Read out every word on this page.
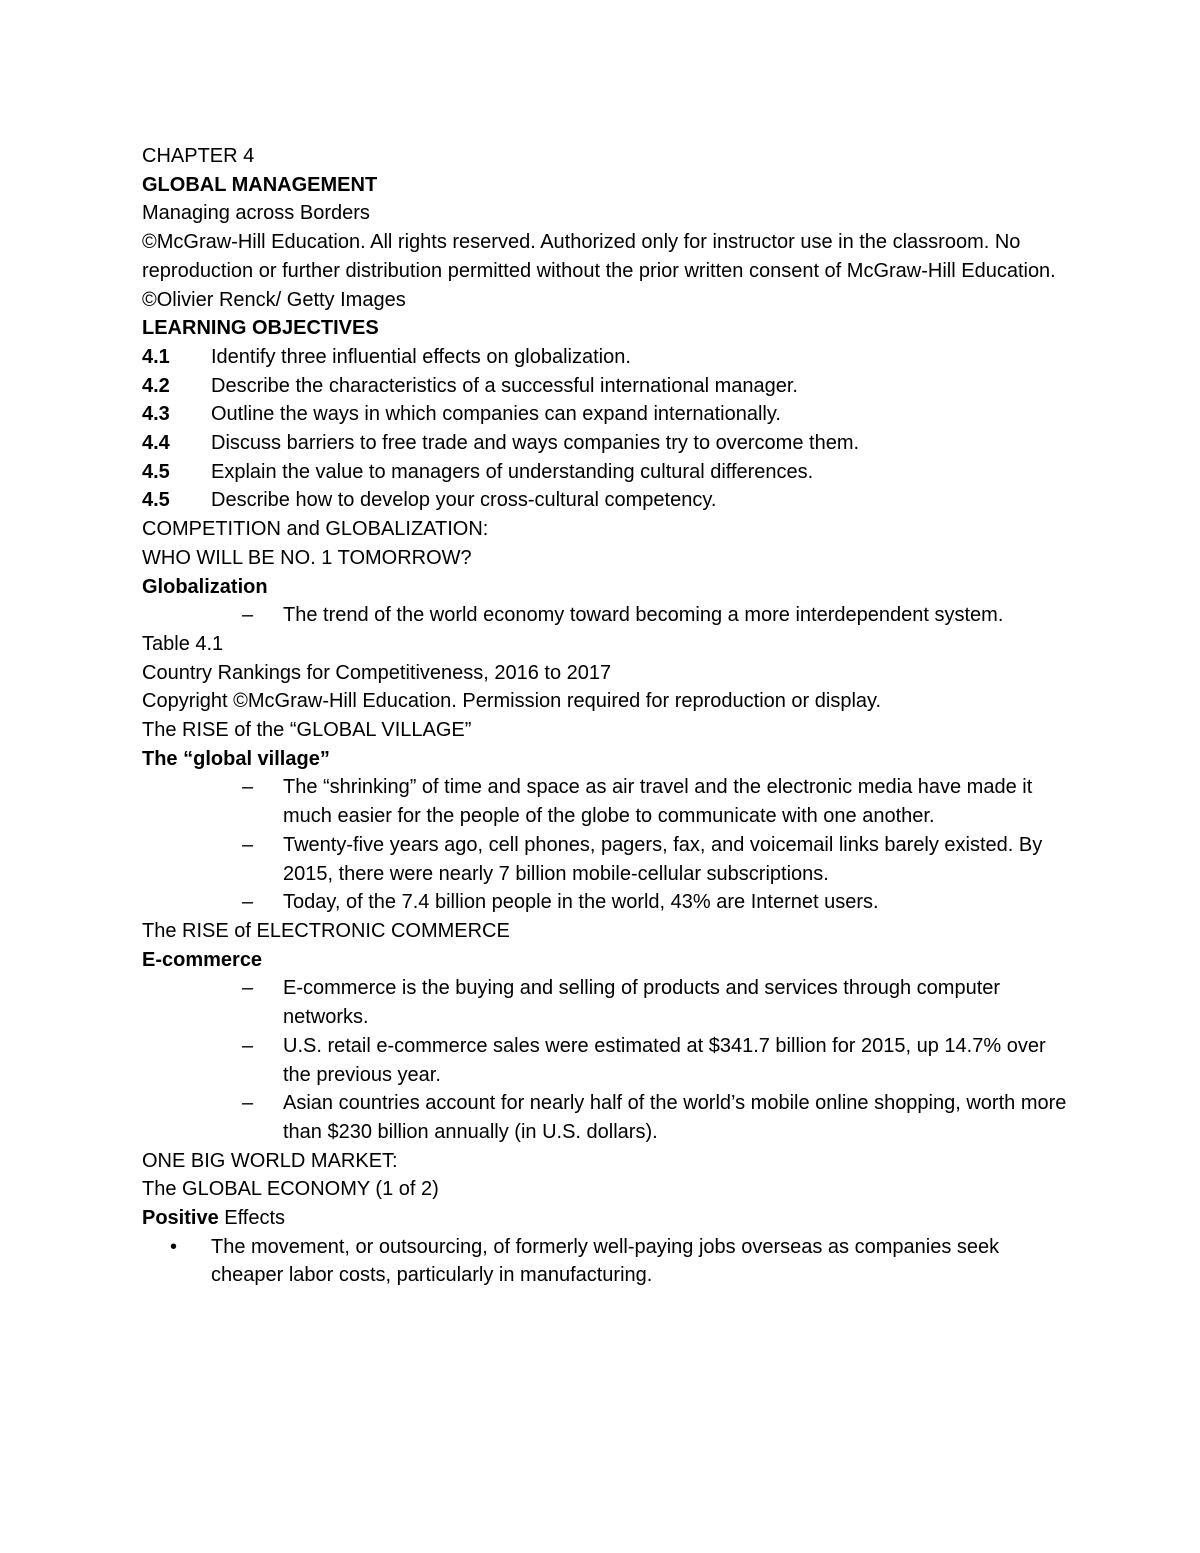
CHAPTER 4
GLOBAL MANAGEMENT
Managing across Borders
©McGraw-Hill Education. All rights reserved. Authorized only for instructor use in the classroom. No reproduction or further distribution permitted without the prior written consent of McGraw-Hill Education.
©Olivier Renck/ Getty Images
LEARNING OBJECTIVES
4.1	Identify three influential effects on globalization.
4.2	Describe the characteristics of a successful international manager.
4.3	Outline the ways in which companies can expand internationally.
4.4	Discuss barriers to free trade and ways companies try to overcome them.
4.5	Explain the value to managers of understanding cultural differences.
4.5	Describe how to develop your cross-cultural competency.
COMPETITION and GLOBALIZATION:
WHO WILL BE NO. 1 TOMORROW?
Globalization
–	The trend of the world economy toward becoming a more interdependent system.
Table 4.1
Country Rankings for Competitiveness, 2016 to 2017
Copyright ©McGraw-Hill Education. Permission required for reproduction or display.
The RISE of the “GLOBAL VILLAGE”
The “global village”
–	The “shrinking” of time and space as air travel and the electronic media have made it much easier for the people of the globe to communicate with one another.
–	Twenty-five years ago, cell phones, pagers, fax, and voicemail links barely existed. By 2015, there were nearly 7 billion mobile-cellular subscriptions.
–	Today, of the 7.4 billion people in the world, 43% are Internet users.
The RISE of ELECTRONIC COMMERCE
E-commerce
–	E-commerce is the buying and selling of products and services through computer networks.
–	U.S. retail e-commerce sales were estimated at $341.7 billion for 2015, up 14.7% over the previous year.
–	Asian countries account for nearly half of the world’s mobile online shopping, worth more than $230 billion annually (in U.S. dollars).
ONE BIG WORLD MARKET:
The GLOBAL ECONOMY (1 of 2)
Positive Effects
•	The movement, or outsourcing, of formerly well-paying jobs overseas as companies seek cheaper labor costs, particularly in manufacturing.
